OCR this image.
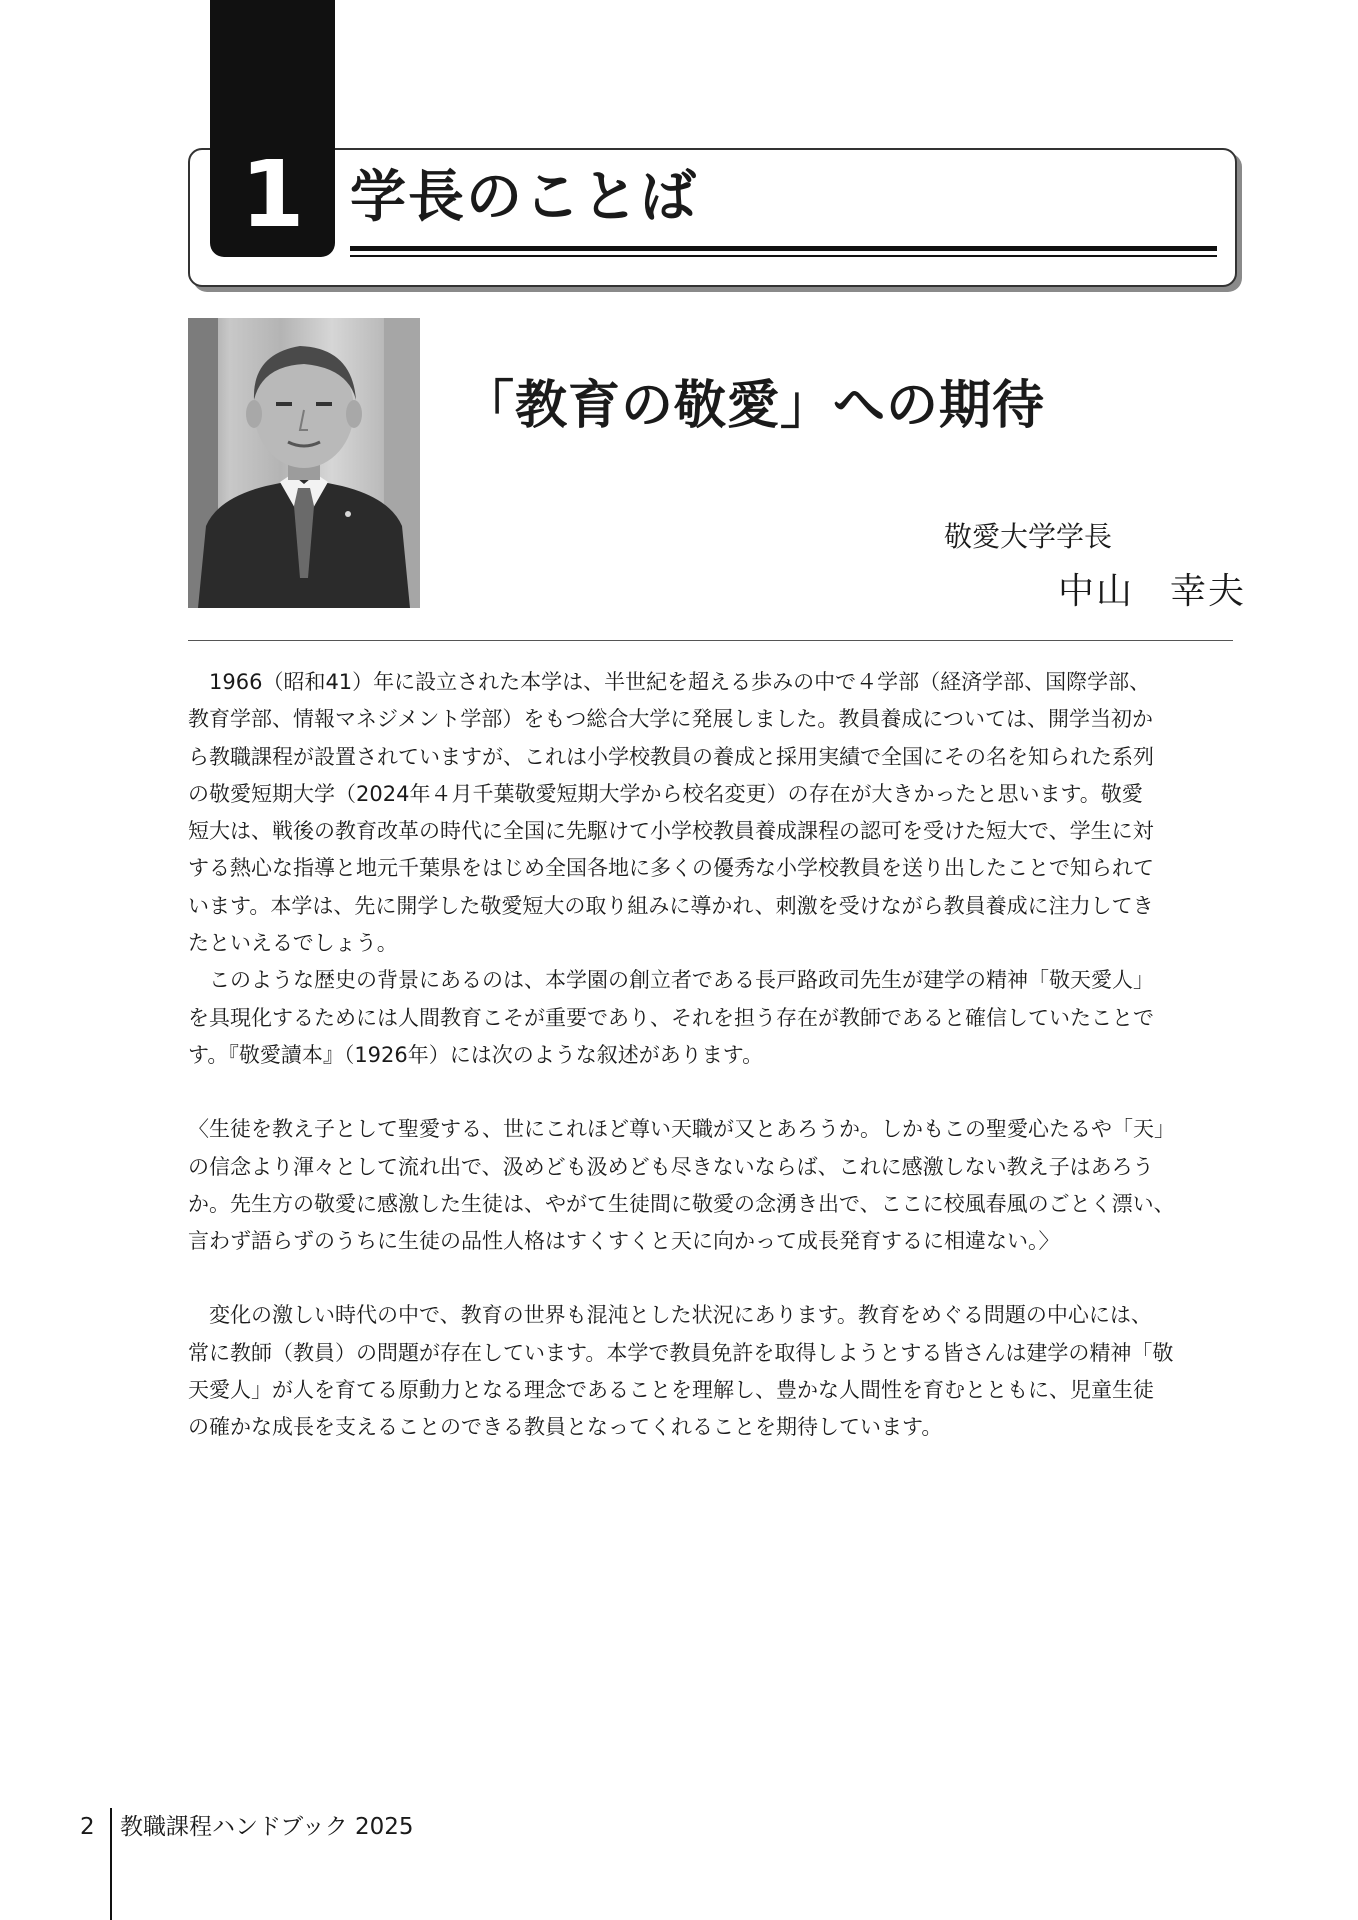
1 学長のことば
「教育の敬愛」への期待
敬愛大学学長
中山 幸夫

1966（昭和41）年に設立された本学は、半世紀を超える歩みの中で４学部（経済学部、国際学部、

教育学部、情報マネジメント学部）をもつ総合大学に発展しました。教員養成については、開学当初か

ら教職課程が設置されていますが、これは小学校教員の養成と採用実績で全国にその名を知られた系列

の敬愛短期大学（2024年４月千葉敬愛短期大学から校名変更）の存在が大きかったと思います。敬愛

短大は、戦後の教育改革の時代に全国に先駆けて小学校教員養成課程の認可を受けた短大で、学生に対

する熱心な指導と地元千葉県をはじめ全国各地に多くの優秀な小学校教員を送り出したことで知られて

います。本学は、先に開学した敬愛短大の取り組みに導かれ、刺激を受けながら教員養成に注力してき

たといえるでしょう。

このような歴史の背景にあるのは、本学園の創立者である長戸路政司先生が建学の精神「敬天愛人」

を具現化するためには人間教育こそが重要であり、それを担う存在が教師であると確信していたことで

す。『敬愛讀本』（1926年）には次のような叙述があります。

〈生徒を教え子として聖愛する、世にこれほど尊い天職が又とあろうか。しかもこの聖愛心たるや「天」

の信念より渾々として流れ出で、汲めども汲めども尽きないならば、これに感激しない教え子はあろう

か。先生方の敬愛に感激した生徒は、やがて生徒間に敬愛の念湧き出で、ここに校風春風のごとく漂い、

言わず語らずのうちに生徒の品性人格はすくすくと天に向かって成長発育するに相違ない。〉

変化の激しい時代の中で、教育の世界も混沌とした状況にあります。教育をめぐる問題の中心には、

常に教師（教員）の問題が存在しています。本学で教員免許を取得しようとする皆さんは建学の精神「敬

天愛人」が人を育てる原動力となる理念であることを理解し、豊かな人間性を育むとともに、児童生徒

の確かな成長を支えることのできる教員となってくれることを期待しています。

2 教職課程ハンドブック 2025
